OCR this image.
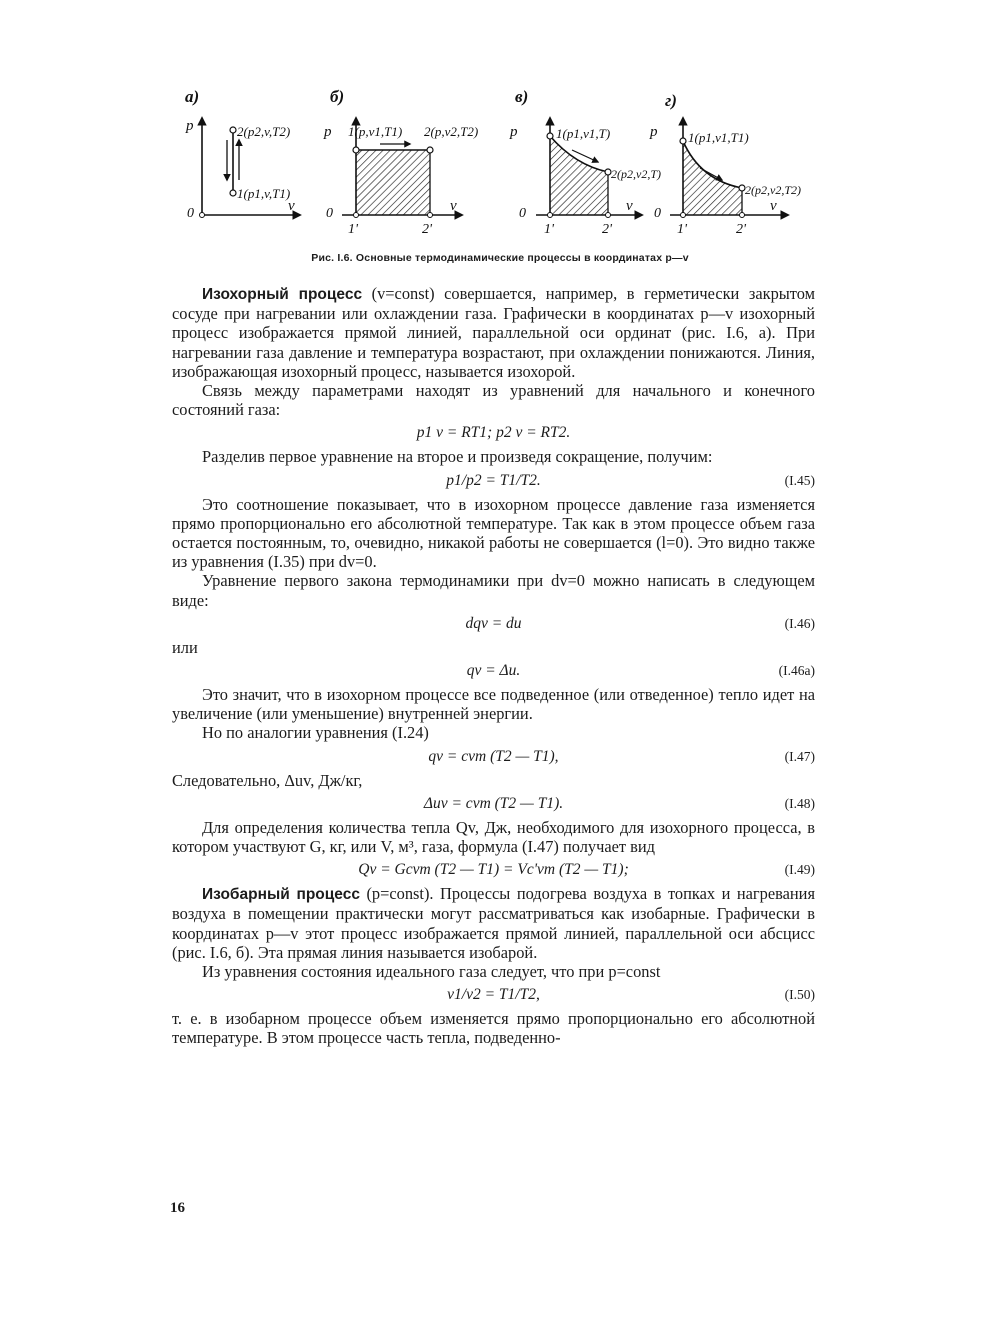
а)
p
v
0
2(p2,v,T2)
1(p1,v,T1)
б)
p
v
0
1(p,v1,T1) 2(p,v2,T2)
1'	2'
в)
p
v
0
1(p1,v1,T)
2(p2,v2,T)
1'	2'
г)
p
v
0
1(p1,v1,T1)
2(p2,v2,T2)
1'	2'
Рис. I.6. Основные термодинамические процессы в координатах p—v

Изохорный процесс (v=const) совершается, например, в герметически закрытом сосуде при нагревании или охлаждении газа. Графически в координатах p—v изохорный процесс изображается прямой линией, параллельной оси ординат (рис. I.6, а). При нагревании газа давление и температура возрастают, при охлаждении понижаются. Линия, изображающая изохорный процесс, называется изохорой.

Связь между параметрами находят из уравнений для начального и конечного состояний газа:

p1 v = RT1; p2 v = RT2.

Разделив первое уравнение на второе и произведя сокращение, получим:

p1/p2 = T1/T2.	(I.45)

Это соотношение показывает, что в изохорном процессе давление газа изменяется прямо пропорционально его абсолютной температуре. Так как в этом процессе объем газа остается постоянным, то, очевидно, никакой работы не совершается (l=0). Это видно также из уравнения (I.35) при dv=0.

Уравнение первого закона термодинамики при dv=0 можно написать в следующем виде:

dqv = du	(I.46)

или

qv = Δu.	(I.46а)

Это значит, что в изохорном процессе все подведенное (или отведенное) тепло идет на увеличение (или уменьшение) внутренней энергии.

Но по аналогии уравнения (I.24)

qv = cvm (T2 — T1),	(I.47)

Следовательно, Δuv, Дж/кг,

Δuv = cvm (T2 — T1).	(I.48)

Для определения количества тепла Qv, Дж, необходимого для изохорного процесса, в котором участвуют G, кг, или V, м³, газа, формула (I.47) получает вид

Qv = Gcvm (T2 — T1) = Vc'vm (T2 — T1);	(I.49)

Изобарный процесс (p=const). Процессы подогрева воздуха в топках и нагревания воздуха в помещении практически могут рассматриваться как изобарные. Графически в координатах p—v этот процесс изображается прямой линией, параллельной оси абсцисс (рис. I.6, б). Эта прямая линия называется изобарой.

Из уравнения состояния идеального газа следует, что при p=const

v1/v2 = T1/T2,	(I.50)

т. е. в изобарном процессе объем изменяется прямо пропорционально его абсолютной температуре. В этом процессе часть тепла, подведенно-

16
